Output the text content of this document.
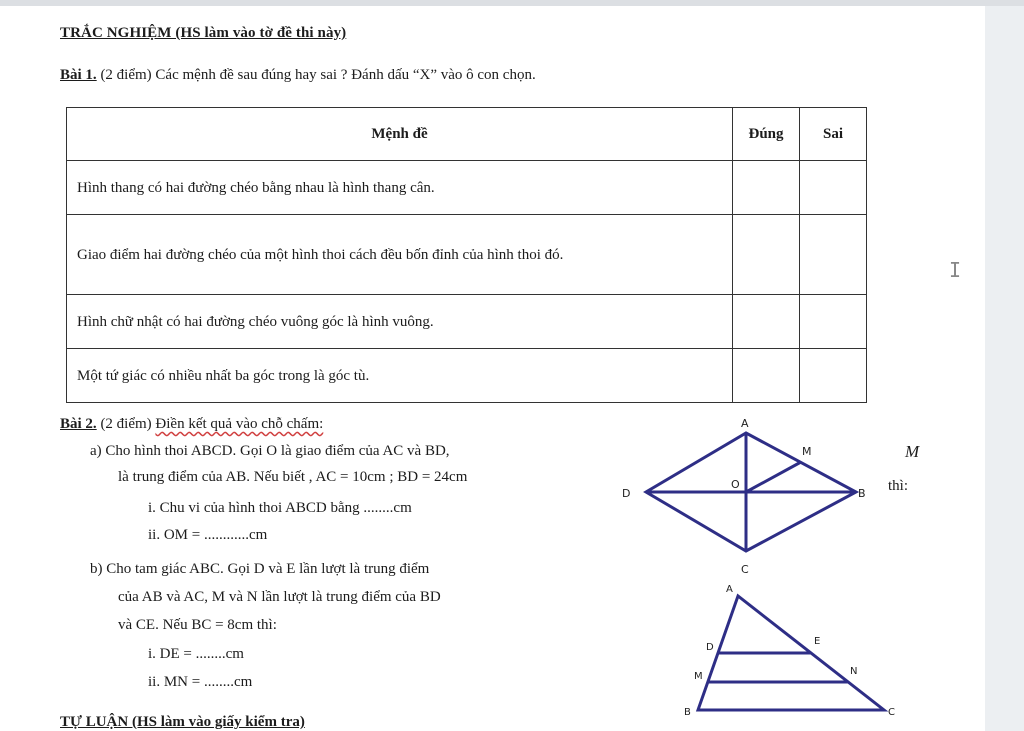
TRẮC NGHIỆM (HS làm vào tờ đề thi này)
Bài 1. (2 điểm) Các mệnh đề sau đúng hay sai ? Đánh dấu “X” vào ô con chọn.
Mệnh đề	Đúng	Sai
Hình thang có hai đường chéo bằng nhau là hình thang cân.		
Giao điểm hai đường chéo của một hình thoi cách đều bốn đỉnh của hình thoi đó.		
Hình chữ nhật có hai đường chéo vuông góc là hình vuông.		
Một tứ giác có nhiều nhất ba góc trong là góc tù.		
Bài 2. (2 điểm) Điền kết quả vào chỗ chấm:
a) Cho hình thoi ABCD. Gọi O là giao điểm của AC và BD,
là trung điểm của AB. Nếu biết , AC = 10cm ; BD = 24cm
i. Chu vi của hình thoi ABCD bằng ........cm
ii. OM = ............cm
b) Cho tam giác ABC. Gọi D và E lần lượt là trung điểm
của AB và AC, M và N lần lượt là trung điểm của BD
và CE. Nếu BC = 8cm thì:
i. DE = ........cm
ii. MN = ........cm
M
thì:
A
B
C
D
O
M
A
B	C
D
E
M	N
I
TỰ LUẬN (HS làm vào giấy kiểm tra)
